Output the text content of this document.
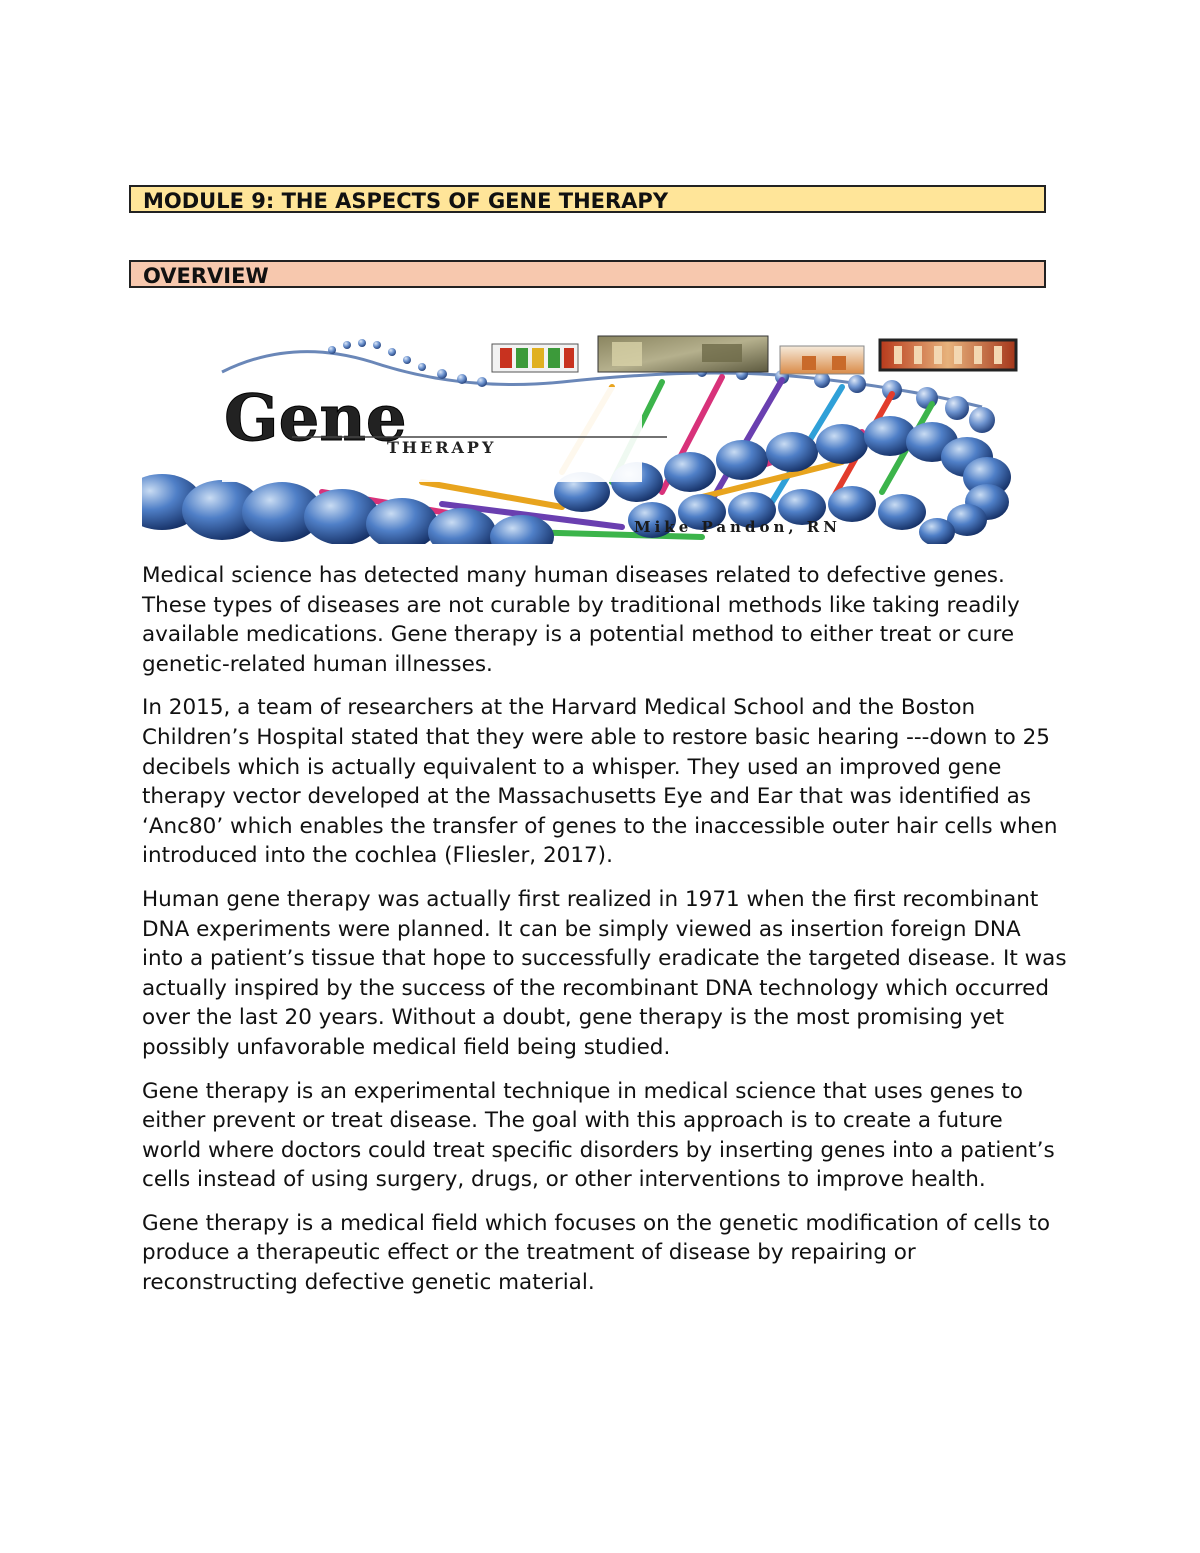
MODULE 9: THE ASPECTS OF GENE THERAPY
OVERVIEW
Gene
THERAPY
Mike Pandon, RN

Medical science has detected many human diseases related to defective genes. These types of diseases are not curable by traditional methods like taking readily available medications. Gene therapy is a potential method to either treat or cure genetic-related human illnesses.

In 2015, a team of researchers at the Harvard Medical School and the Boston Children’s Hospital stated that they were able to restore basic hearing ---down to 25 decibels which is actually equivalent to a whisper. They used an improved gene therapy vector developed at the Massachusetts Eye and Ear that was identified as ‘Anc80’ which enables the transfer of genes to the inaccessible outer hair cells when introduced into the cochlea (Fliesler, 2017).

Human gene therapy was actually first realized in 1971 when the first recombinant DNA experiments were planned. It can be simply viewed as insertion foreign DNA into a patient’s tissue that hope to successfully eradicate the targeted disease. It was actually inspired by the success of the recombinant DNA technology which occurred over the last 20 years. Without a doubt, gene therapy is the most promising yet possibly unfavorable medical field being studied.

Gene therapy is an experimental technique in medical science that uses genes to either prevent or treat disease. The goal with this approach is to create a future world where doctors could treat specific disorders by inserting genes into a patient’s cells instead of using surgery, drugs, or other interventions to improve health.

Gene therapy is a medical field which focuses on the genetic modification of cells to produce a therapeutic effect or the treatment of disease by repairing or reconstructing defective genetic material.
